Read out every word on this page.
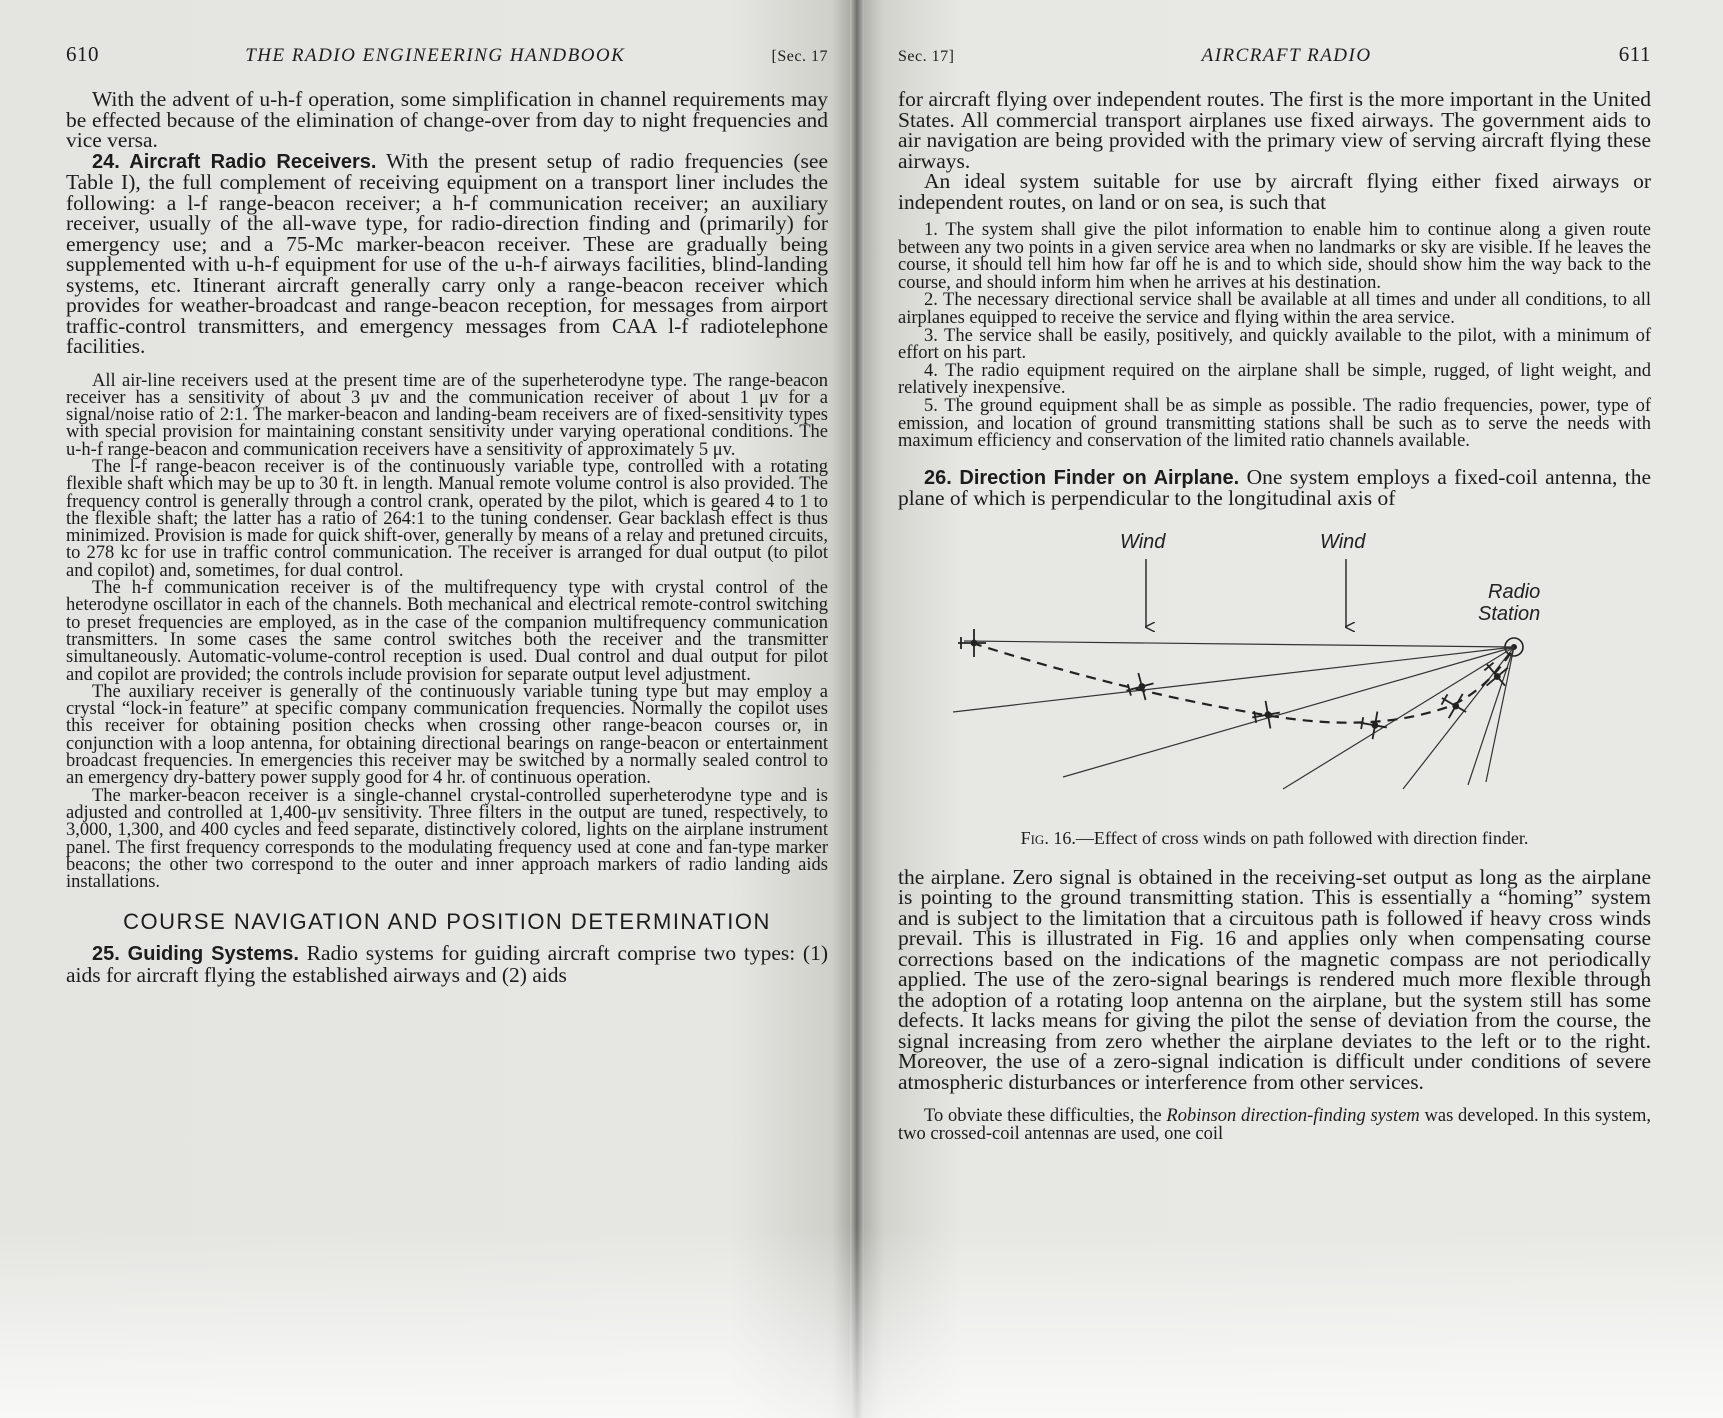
610	THE RADIO ENGINEERING HANDBOOK	[Sec. 17

With the advent of u-h-f operation, some simplification in channel requirements may be effected because of the elimination of change-over from day to night frequencies and vice versa.

24. Aircraft Radio Receivers. With the present setup of radio frequencies (see Table I), the full complement of receiving equipment on a transport liner includes the following: a l-f range-beacon receiver; a h-f communication receiver; an auxiliary receiver, usually of the all-wave type, for radio-direction finding and (primarily) for emergency use; and a 75-Mc marker-beacon receiver. These are gradually being supplemented with u-h-f equipment for use of the u-h-f airways facilities, blind-landing systems, etc. Itinerant aircraft generally carry only a range-beacon receiver which provides for weather-broadcast and range-beacon reception, for messages from airport traffic-control transmitters, and emergency messages from CAA l-f radiotelephone facilities.

All air-line receivers used at the present time are of the superheterodyne type. The range-beacon receiver has a sensitivity of about 3 μv and the communication receiver of about 1 μv for a signal/noise ratio of 2:1. The marker-beacon and landing-beam receivers are of fixed-sensitivity types with special provision for maintaining constant sensitivity under varying operational conditions. The u-h-f range-beacon and communication receivers have a sensitivity of approximately 5 μv.

The l-f range-beacon receiver is of the continuously variable type, controlled with a rotating flexible shaft which may be up to 30 ft. in length. Manual remote volume control is also provided. The frequency control is generally through a control crank, operated by the pilot, which is geared 4 to 1 to the flexible shaft; the latter has a ratio of 264:1 to the tuning condenser. Gear backlash effect is thus minimized. Provision is made for quick shift-over, generally by means of a relay and pretuned circuits, to 278 kc for use in traffic control communication. The receiver is arranged for dual output (to pilot and copilot) and, sometimes, for dual control.

The h-f communication receiver is of the multifrequency type with crystal control of the heterodyne oscillator in each of the channels. Both mechanical and electrical remote-control switching to preset frequencies are employed, as in the case of the companion multifrequency communication transmitters. In some cases the same control switches both the receiver and the transmitter simultaneously. Automatic-volume-control reception is used. Dual control and dual output for pilot and copilot are provided; the controls include provision for separate output level adjustment.

The auxiliary receiver is generally of the continuously variable tuning type but may employ a crystal “lock-in feature” at specific company communication frequencies. Normally the copilot uses this receiver for obtaining position checks when crossing other range-beacon courses or, in conjunction with a loop antenna, for obtaining directional bearings on range-beacon or entertainment broadcast frequencies. In emergencies this receiver may be switched by a normally sealed control to an emergency dry-battery power supply good for 4 hr. of continuous operation.

The marker-beacon receiver is a single-channel crystal-controlled superheterodyne type and is adjusted and controlled at 1,400-μv sensitivity. Three filters in the output are tuned, respectively, to 3,000, 1,300, and 400 cycles and feed separate, distinctively colored, lights on the airplane instrument panel. The first frequency corresponds to the modulating frequency used at cone and fan-type marker beacons; the other two correspond to the outer and inner approach markers of radio landing aids installations.

COURSE NAVIGATION AND POSITION DETERMINATION

25. Guiding Systems. Radio systems for guiding aircraft comprise two types: (1) aids for aircraft flying the established airways and (2) aids

Sec. 17]	AIRCRAFT RADIO	611

for aircraft flying over independent routes. The first is the more important in the United States. All commercial transport airplanes use fixed airways. The government aids to air navigation are being provided with the primary view of serving aircraft flying these airways.

An ideal system suitable for use by aircraft flying either fixed airways or independent routes, on land or on sea, is such that

1. The system shall give the pilot information to enable him to continue along a given route between any two points in a given service area when no landmarks or sky are visible. If he leaves the course, it should tell him how far off he is and to which side, should show him the way back to the course, and should inform him when he arrives at his destination.

2. The necessary directional service shall be available at all times and under all conditions, to all airplanes equipped to receive the service and flying within the area service.

3. The service shall be easily, positively, and quickly available to the pilot, with a minimum of effort on his part.

4. The radio equipment required on the airplane shall be simple, rugged, of light weight, and relatively inexpensive.

5. The ground equipment shall be as simple as possible. The radio frequencies, power, type of emission, and location of ground transmitting stations shall be such as to serve the needs with maximum efficiency and conservation of the limited ratio channels available.

26. Direction Finder on Airplane. One system employs a fixed-coil antenna, the plane of which is perpendicular to the longitudinal axis of

Wind	Wind
Radio
Station

Fig. 16.—Effect of cross winds on path followed with direction finder.

the airplane. Zero signal is obtained in the receiving-set output as long as the airplane is pointing to the ground transmitting station. This is essentially a “homing” system and is subject to the limitation that a circuitous path is followed if heavy cross winds prevail. This is illustrated in Fig. 16 and applies only when compensating course corrections based on the indications of the magnetic compass are not periodically applied. The use of the zero-signal bearings is rendered much more flexible through the adoption of a rotating loop antenna on the airplane, but the system still has some defects. It lacks means for giving the pilot the sense of deviation from the course, the signal increasing from zero whether the airplane deviates to the left or to the right. Moreover, the use of a zero-signal indication is difficult under conditions of severe atmospheric disturbances or interference from other services.

To obviate these difficulties, the Robinson direction-finding system was developed. In this system, two crossed-coil antennas are used, one coil
